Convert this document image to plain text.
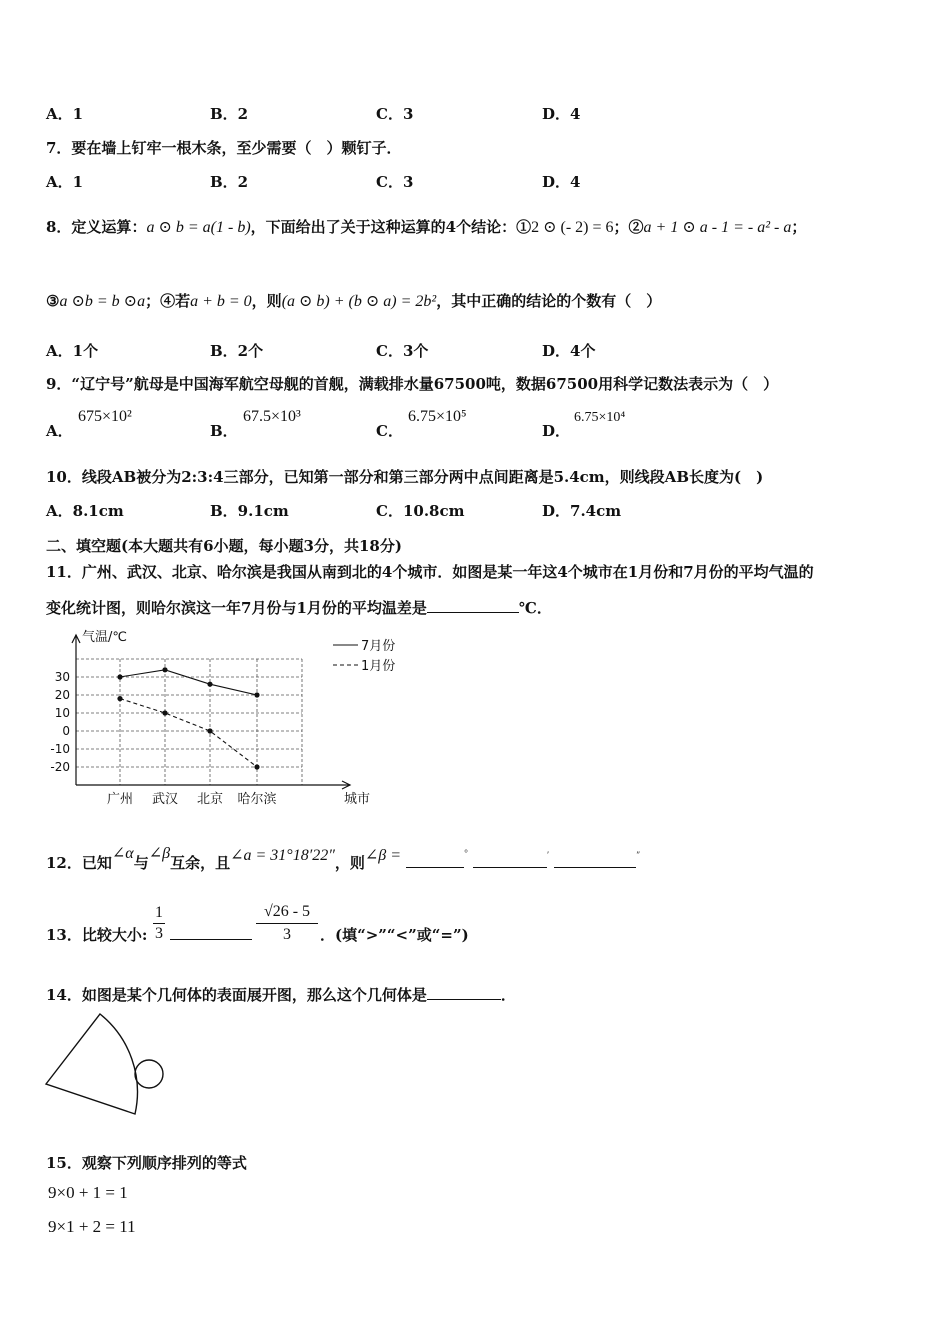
A．1	B．2	C．3	D．4
7．要在墙上钉牢一根木条，至少需要（　）颗钉子．
A．1	B．2	C．3	D．4
8．定义运算：a ⊙ b = a(1 - b)，下面给出了关于这种运算的4个结论：①2 ⊙ (- 2) = 6；②a + 1 ⊙ a - 1 = - a² - a；
③a ⊙b = b ⊙a；④若a + b = 0，则(a ⊙ b) + (b ⊙ a) = 2b²，其中正确的结论的个数有（　）
A．1个	B．2个	C．3个	D．4个
9．“辽宁号”航母是中国海军航空母舰的首舰，满载排水量67500吨，数据67500用科学记数法表示为（　）
A．
675×10²
B．
67.5×10³
C．
6.75×10⁵
D．
6.75×10⁴
10．线段AB被分为2:3:4三部分，已知第一部分和第三部分两中点间距离是5.4cm，则线段AB长度为(　)
A．8.1cm	B．9.1cm	C．10.8cm	D．7.4cm
二、填空题(本大题共有6小题，每小题3分，共18分)
11．广州、武汉、北京、哈尔滨是我国从南到北的4个城市．如图是某一年这4个城市在1月份和7月份的平均气温的
变化统计图，则哈尔滨这一年7月份与1月份的平均温差是	℃．
30
20
10
0
-10
-20
广州 武汉 北京 哈尔滨
气温/℃
城市
7月份
1月份
12．已知∠α与∠β互余，且∠a = 31°18′22″，则∠β =	°	′	″
13．比较大小: $\frac{1}{3}$	$\frac{√26 - 5}{3}$ ．(填“>”“<”或“=”)
14．如图是某个几何体的表面展开图，那么这个几何体是	．
15．观察下列顺序排列的等式
9×0 + 1 = 1
9×1 + 2 = 11
